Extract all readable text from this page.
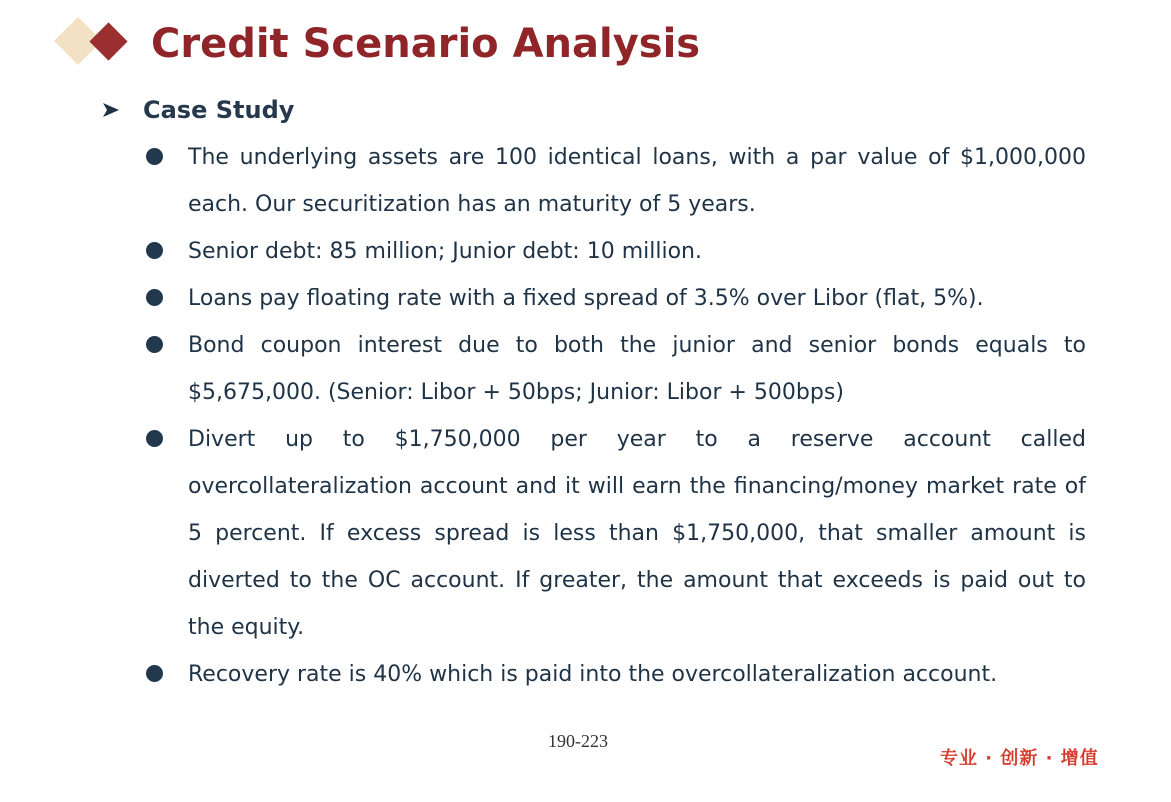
Credit Scenario Analysis
Case Study
The underlying assets are 100 identical loans, with a par value of $1,000,000 each. Our securitization has an maturity of 5 years.
Senior debt: 85 million; Junior debt: 10 million.
Loans pay floating rate with a fixed spread of 3.5% over Libor (flat, 5%).
Bond coupon interest due to both the junior and senior bonds equals to $5,675,000. (Senior: Libor + 50bps; Junior: Libor + 500bps)
Divert up to $1,750,000 per year to a reserve account called overcollateralization account and it will earn the financing/money market rate of 5 percent. If excess spread is less than $1,750,000, that smaller amount is diverted to the OC account. If greater, the amount that exceeds is paid out to the equity.
Recovery rate is 40% which is paid into the overcollateralization account.
190-223
专业 · 创新 · 增值
